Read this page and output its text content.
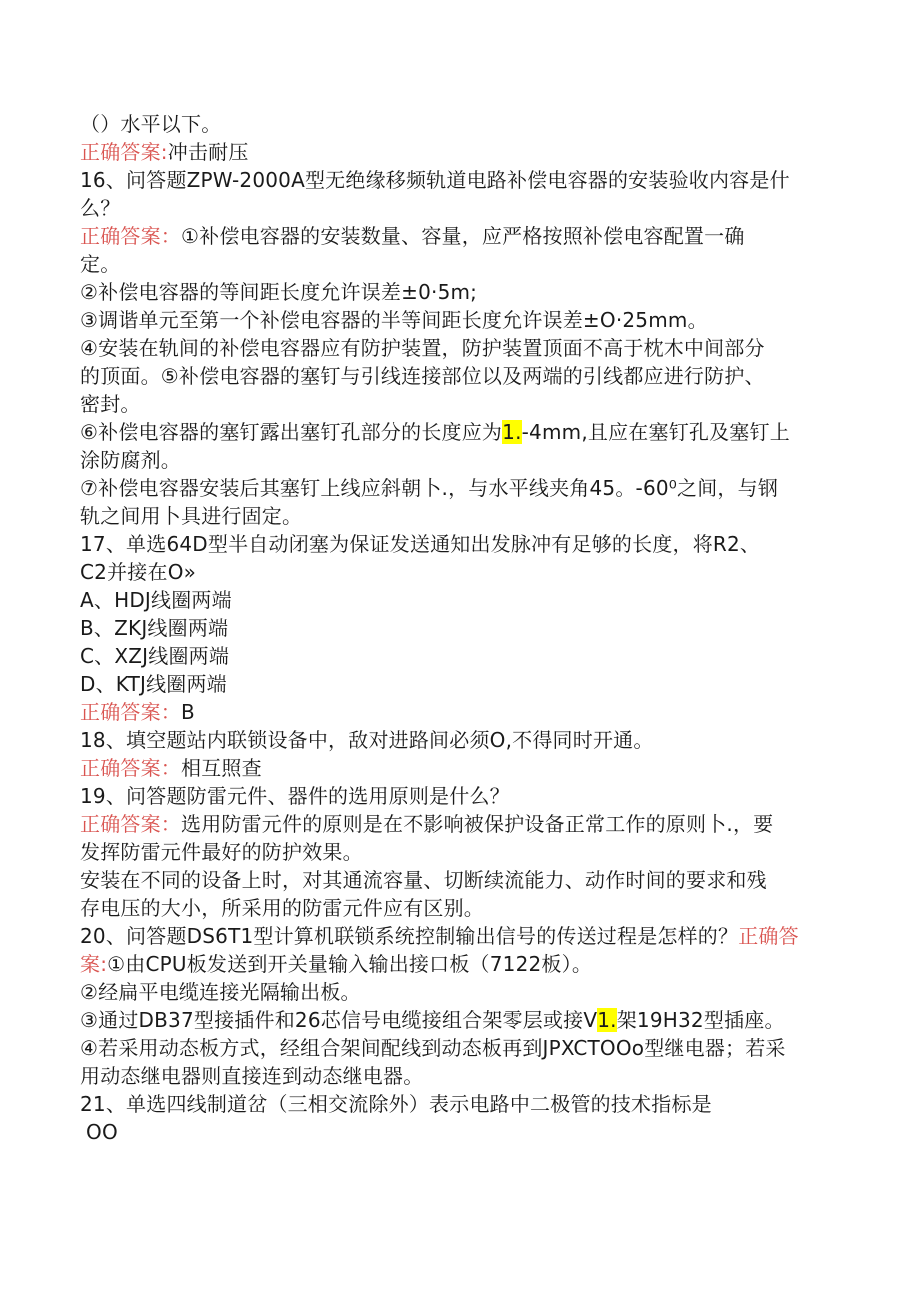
（）水平以下。
正确答案:冲击耐压
16、问答题ZPW-2000A型无绝缘移频轨道电路补偿电容器的安装验收内容是什
么？
正确答案：①补偿电容器的安装数量、容量，应严格按照补偿电容配置一确
定。
②补偿电容器的等间距长度允许误差±0·5m;
③调谐单元至第一个补偿电容器的半等间距长度允许误差±O·25mm。
④安装在轨间的补偿电容器应有防护装置，防护装置顶面不高于枕木中间部分
的顶面。⑤补偿电容器的塞钉与引线连接部位以及两端的引线都应进行防护、
密封。
⑥补偿电容器的塞钉露出塞钉孔部分的长度应为1.-4mm,且应在塞钉孔及塞钉上
涂防腐剂。
⑦补偿电容器安装后其塞钉上线应斜朝卜.，与水平线夹角45。-60⁰之间，与钢
轨之间用卜具进行固定。
17、单选64D型半自动闭塞为保证发送通知出发脉冲有足够的长度，将R2、
C2并接在O»
A、HDJ线圈两端
B、ZKJ线圈两端
C、XZJ线圈两端
D、KTJ线圈两端
正确答案：B
18、填空题站内联锁设备中，敌对进路间必须O,不得同时开通。
正确答案：相互照查
19、问答题防雷元件、器件的选用原则是什么？
正确答案：选用防雷元件的原则是在不影响被保护设备正常工作的原则卜.，要
发挥防雷元件最好的防护效果。
安装在不同的设备上时，对其通流容量、切断续流能力、动作时间的要求和残
存电压的大小，所采用的防雷元件应有区别。
20、问答题DS6T1型计算机联锁系统控制输出信号的传送过程是怎样的？正确答
案:①由CPU板发送到开关量输入输出接口板（7122板）。
②经扁平电缆连接光隔输出板。
③通过DB37型接插件和26芯信号电缆接组合架零层或接V1.架19H32型插座。
④若采用动态板方式，经组合架间配线到动态板再到JPXCTOOo型继电器；若采
用动态继电器则直接连到动态继电器。
21、单选四线制道岔（三相交流除外）表示电路中二极管的技术指标是
OO
